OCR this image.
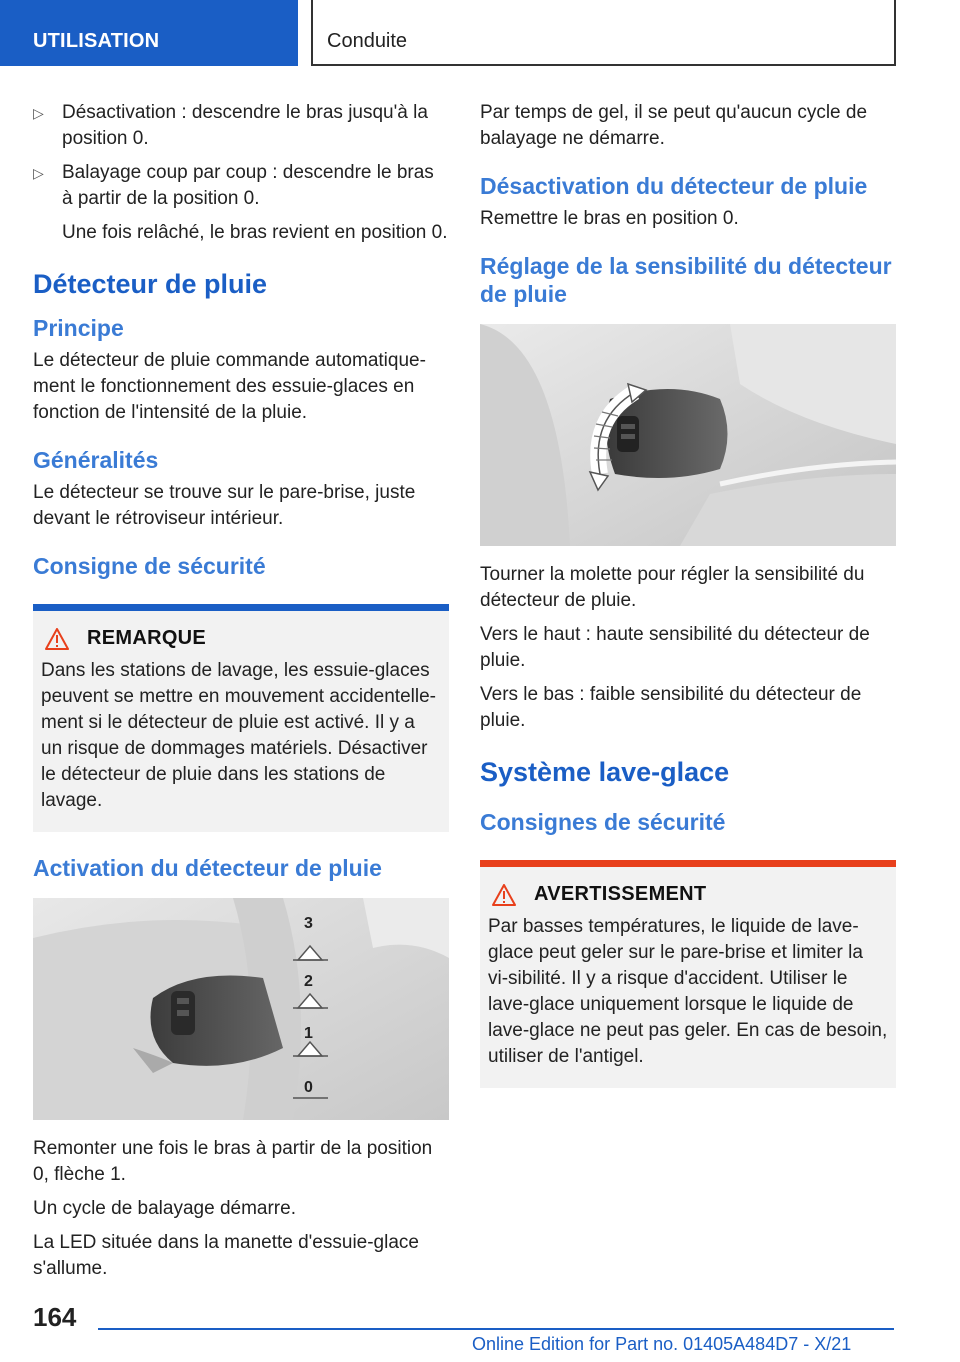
UTILISATION	Conduite
▷ Désactivation : descendre le bras jusqu'à la position 0.
▷ Balayage coup par coup : descendre le bras à partir de la position 0.

Une fois relâché, le bras revient en position 0.

Détecteur de pluie
Principe

Le détecteur de pluie commande automatique-ment le fonctionnement des essuie-glaces en fonction de l'intensité de la pluie.

Généralités

Le détecteur se trouve sur le pare-brise, juste devant le rétroviseur intérieur.

Consigne de sécurité
REMARQUE

Dans les stations de lavage, les essuie-glaces peuvent se mettre en mouvement accidentelle-ment si le détecteur de pluie est activé. Il y a un risque de dommages matériels. Désactiver le détecteur de pluie dans les stations de lavage.

Activation du détecteur de pluie
3
2
1
0

Remonter une fois le bras à partir de la position 0, flèche 1.

Un cycle de balayage démarre.

La LED située dans la manette d'essuie-glace s'allume.

Par temps de gel, il se peut qu'aucun cycle de balayage ne démarre.

Désactivation du détecteur de pluie

Remettre le bras en position 0.

Réglage de la sensibilité du détecteur de pluie

Tourner la molette pour régler la sensibilité du détecteur de pluie.

Vers le haut : haute sensibilité du détecteur de pluie.

Vers le bas : faible sensibilité du détecteur de pluie.

Système lave-glace
Consignes de sécurité
AVERTISSEMENT

Par basses températures, le liquide de lave-glace peut geler sur le pare-brise et limiter la vi-sibilité. Il y a risque d'accident. Utiliser le lave-glace uniquement lorsque le liquide de lave-glace ne peut pas geler. En cas de besoin, utiliser de l'antigel.

164
Online Edition for Part no. 01405A484D7 - X/21
